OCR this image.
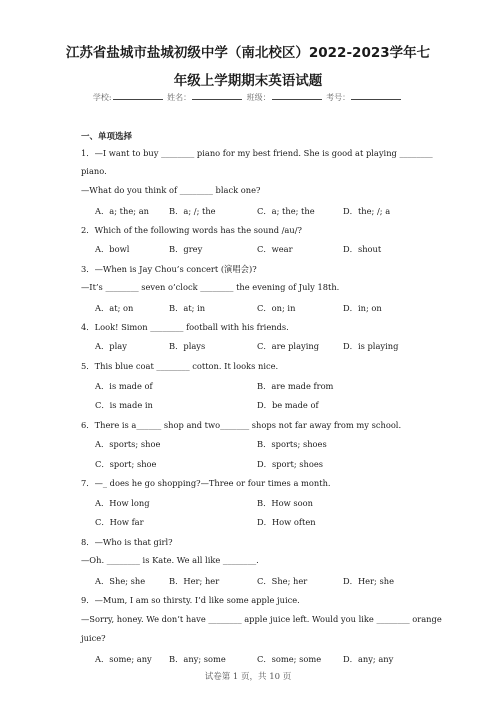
江苏省盐城市盐城初级中学（南北校区）2022-2023学年七
年级上学期期末英语试题
学校:	姓名：	班级：	考号：
一、单项选择
1．—I want to buy ________ piano for my best friend. She is good at playing ________
piano.
—What do you think of ________ black one?
A．a; the; an B．a; /; the	C．a; the; the	D．the; /; a
2．Which of the following words has the sound /au/?
A．bowl	B．grey	C．wear	D．shout
3．—When is Jay Chou’s concert (演唱会)?
—It’s ________ seven o’clock ________ the evening of July 18th.
A．at; on	B．at; in	C．on; in	D．in; on
4．Look! Simon ________ football with his friends.
A．play	B．plays	C．are playing	D．is playing
5．This blue coat ________ cotton. It looks nice.
A．is made of	B．are made from
C．is made in	D．be made of
6．There is a______ shop and two_______ shops not far away from my school.
A．sports; shoe	B．sports; shoes
C．sport; shoe	D．sport; shoes
7．—_ does he go shopping?—Three or four times a month.
A．How long	B．How soon
C．How far	D．How often
8．—Who is that girl?
—Oh. ________ is Kate. We all like ________.
A．She; she	B．Her; her	C．She; her	D．Her; she
9．—Mum, I am so thirsty. I’d like some apple juice.
—Sorry, honey. We don’t have ________ apple juice left. Would you like ________ orange
juice?
A．some; any B．any; some	C．some; some	D．any; any
试卷第 1 页，共 10 页
